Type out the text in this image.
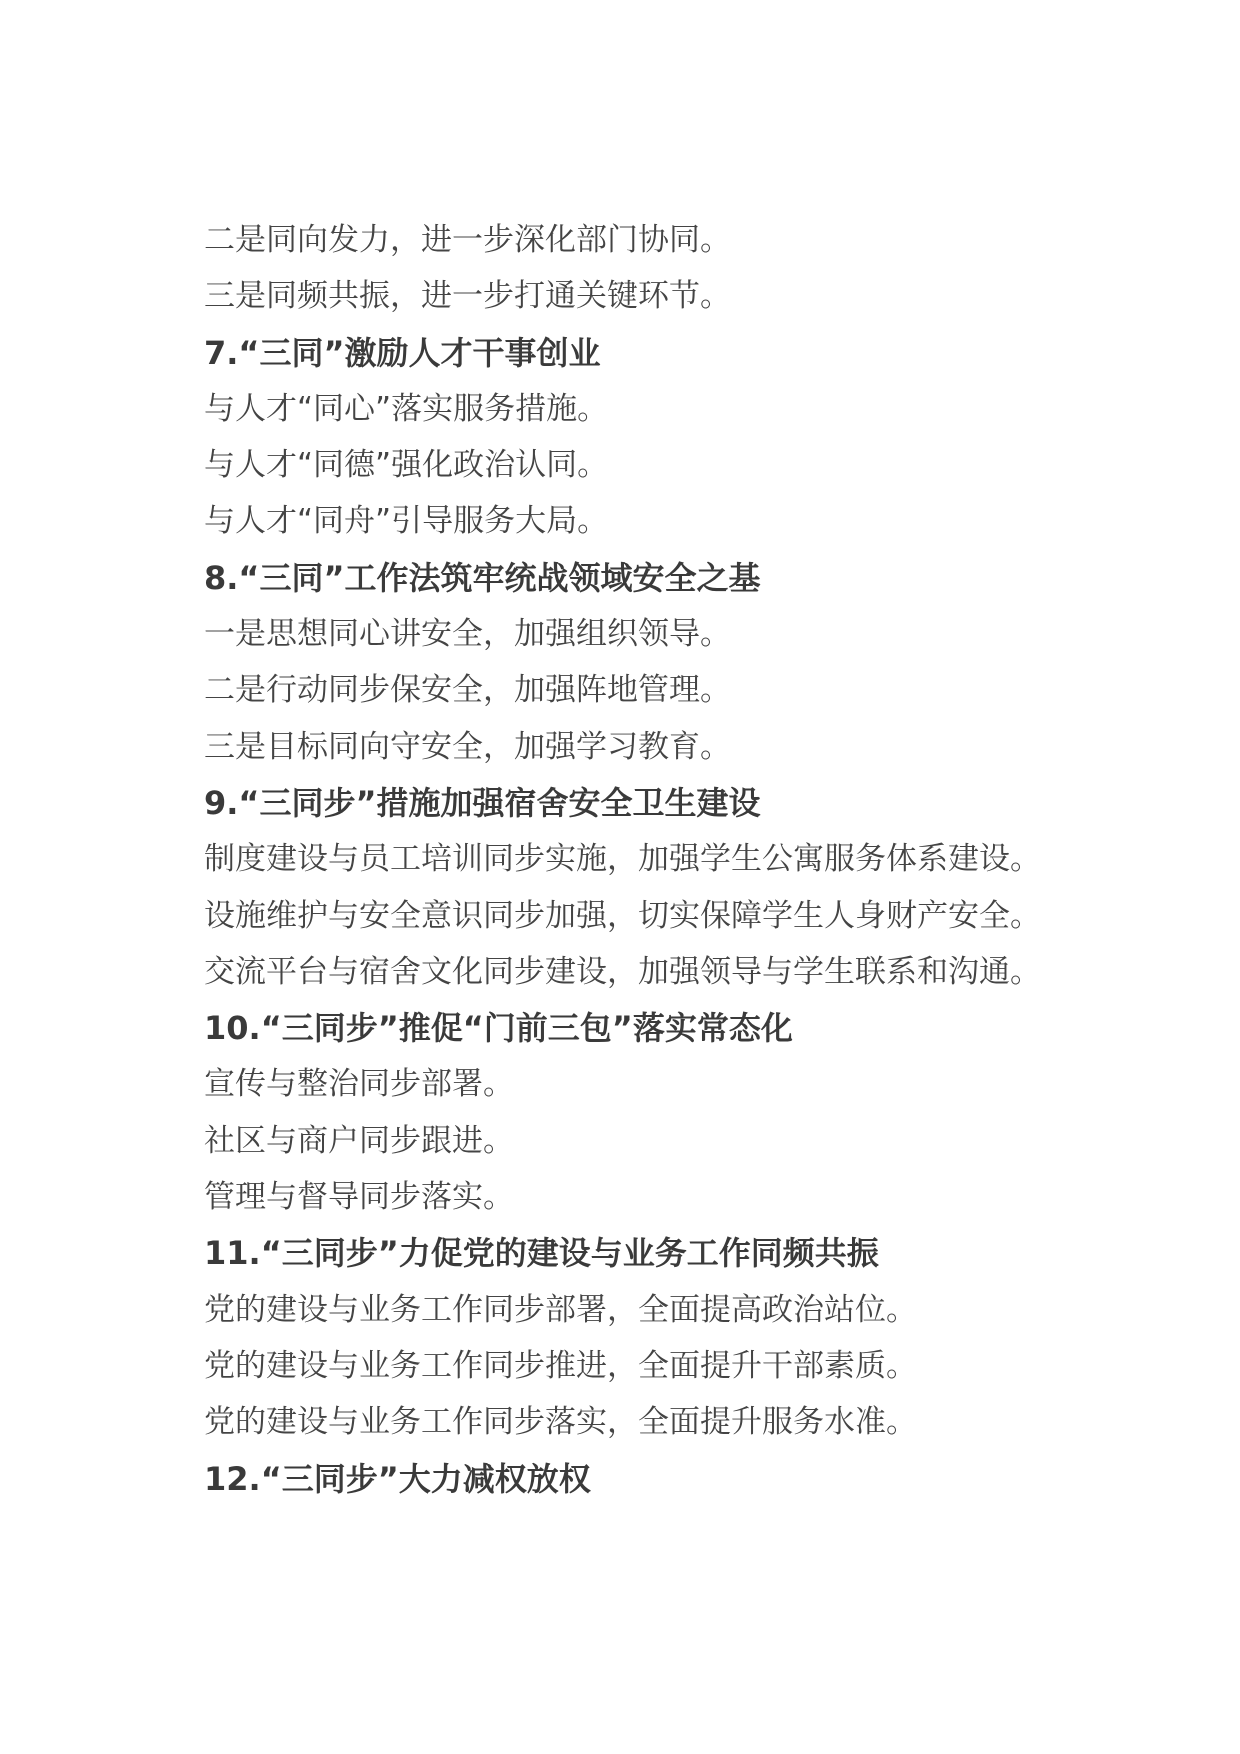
二是同向发力，进一步深化部门协同。
三是同频共振，进一步打通关键环节。
7.“三同”激励人才干事创业
与人才“同心”落实服务措施。
与人才“同德”强化政治认同。
与人才“同舟”引导服务大局。
8.“三同”工作法筑牢统战领域安全之基
一是思想同心讲安全，加强组织领导。
二是行动同步保安全，加强阵地管理。
三是目标同向守安全，加强学习教育。
9.“三同步”措施加强宿舍安全卫生建设
制度建设与员工培训同步实施，加强学生公寓服务体系建设。
设施维护与安全意识同步加强，切实保障学生人身财产安全。
交流平台与宿舍文化同步建设，加强领导与学生联系和沟通。
10.“三同步”推促“门前三包”落实常态化
宣传与整治同步部署。
社区与商户同步跟进。
管理与督导同步落实。
11.“三同步”力促党的建设与业务工作同频共振
党的建设与业务工作同步部署，全面提高政治站位。
党的建设与业务工作同步推进，全面提升干部素质。
党的建设与业务工作同步落实，全面提升服务水准。
12.“三同步”大力减权放权
